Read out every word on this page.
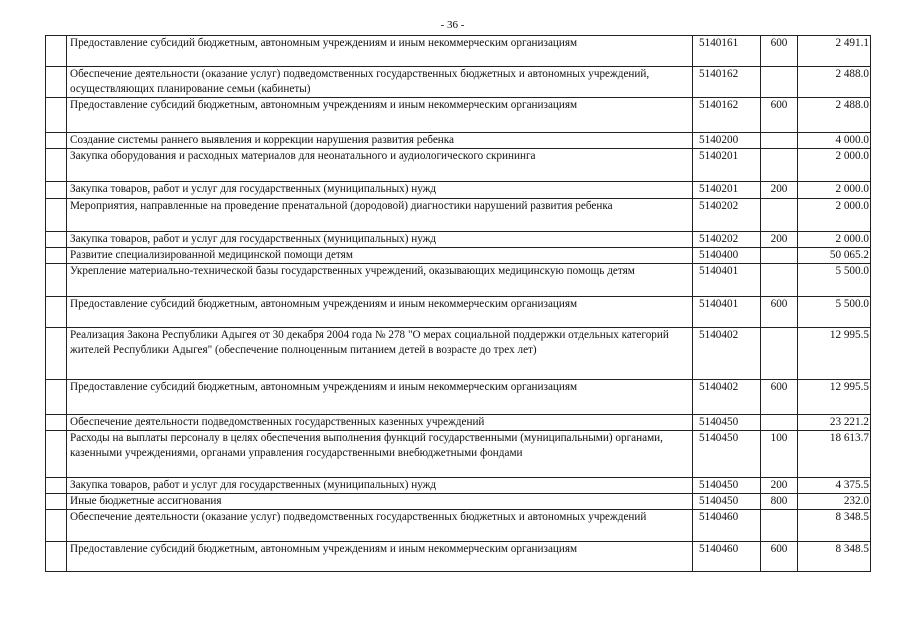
- 36 -
	Предоставление субсидий бюджетным, автономным учреждениям и иным некоммерческим организациям	5140161	600	2 491.1
	Обеспечение деятельности (оказание услуг) подведомственных государственных бюджетных и автономных учреждений, осуществляющих планирование семьи (кабинеты)	5140162		2 488.0
	Предоставление субсидий бюджетным, автономным учреждениям и иным некоммерческим организациям	5140162	600	2 488.0
	Создание системы раннего выявления и коррекции нарушения развития ребенка	5140200		4 000.0
	Закупка оборудования и расходных материалов для неонатального и аудиологического скрининга	5140201		2 000.0
	Закупка товаров, работ и услуг для государственных (муниципальных) нужд	5140201	200	2 000.0
	Мероприятия, направленные на проведение пренатальной (дородовой) диагностики нарушений развития ребенка	5140202		2 000.0
	Закупка товаров, работ и услуг для государственных (муниципальных) нужд	5140202	200	2 000.0
	Развитие специализированной медицинской помощи детям	5140400		50 065.2
	Укрепление материально-технической базы государственных учреждений, оказывающих медицинскую помощь детям	5140401		5 500.0
	Предоставление субсидий бюджетным, автономным учреждениям и иным некоммерческим организациям	5140401	600	5 500.0
	Реализация Закона Республики Адыгея от 30 декабря 2004 года № 278 "О мерах социальной поддержки отдельных категорий жителей Республики Адыгея" (обеспечение полноценным питанием детей в возрасте до трех лет)	5140402		12 995.5
	Предоставление субсидий бюджетным, автономным учреждениям и иным некоммерческим организациям	5140402	600	12 995.5
	Обеспечение деятельности подведомственных государственных казенных учреждений	5140450		23 221.2
	Расходы на выплаты персоналу в целях обеспечения выполнения функций государственными (муниципальными) органами, казенными учреждениями, органами управления государственными внебюджетными фондами	5140450	100	18 613.7
	Закупка товаров, работ и услуг для государственных (муниципальных) нужд	5140450	200	4 375.5
	Иные бюджетные ассигнования	5140450	800	232.0
	Обеспечение деятельности (оказание услуг) подведомственных государственных бюджетных и автономных учреждений	5140460		8 348.5
	Предоставление субсидий бюджетным, автономным учреждениям и иным некоммерческим организациям	5140460	600	8 348.5
